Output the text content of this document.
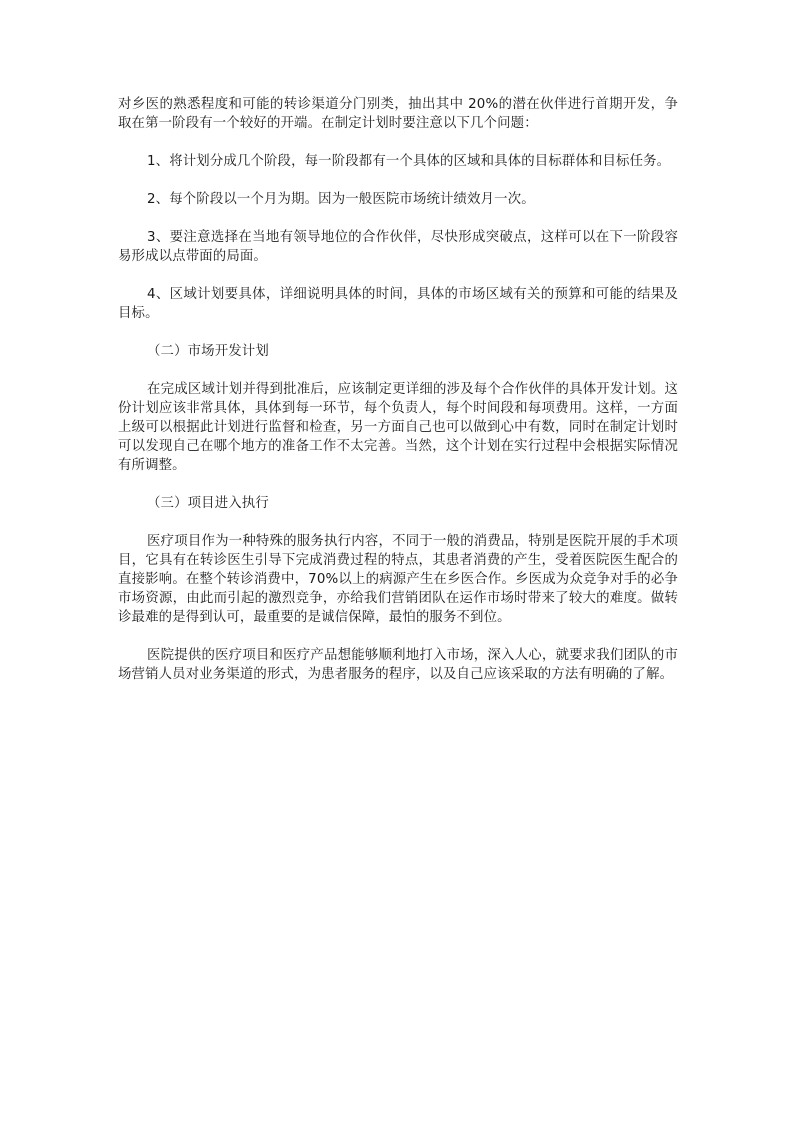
对乡医的熟悉程度和可能的转诊渠道分门别类，抽出其中 20%的潜在伙伴进行首期开发，争取在第一阶段有一个较好的开端。在制定计划时要注意以下几个问题：

1、将计划分成几个阶段，每一阶段都有一个具体的区域和具体的目标群体和目标任务。

2、每个阶段以一个月为期。因为一般医院市场统计绩效月一次。

3、要注意选择在当地有领导地位的合作伙伴，尽快形成突破点，这样可以在下一阶段容易形成以点带面的局面。

4、区域计划要具体，详细说明具体的时间，具体的市场区域有关的预算和可能的结果及目标。

（二）市场开发计划

在完成区域计划并得到批准后，应该制定更详细的涉及每个合作伙伴的具体开发计划。这份计划应该非常具体，具体到每一环节，每个负责人，每个时间段和每项费用。这样，一方面上级可以根据此计划进行监督和检查，另一方面自己也可以做到心中有数，同时在制定计划时可以发现自己在哪个地方的准备工作不太完善。当然，这个计划在实行过程中会根据实际情况有所调整。

（三）项目进入执行

医疗项目作为一种特殊的服务执行内容，不同于一般的消费品，特别是医院开展的手术项目，它具有在转诊医生引导下完成消费过程的特点，其患者消费的产生，受着医院医生配合的直接影响。在整个转诊消费中，70%以上的病源产生在乡医合作。乡医成为众竞争对手的必争市场资源，由此而引起的激烈竞争，亦给我们营销团队在运作市场时带来了较大的难度。做转诊最难的是得到认可，最重要的是诚信保障，最怕的服务不到位。

医院提供的医疗项目和医疗产品想能够顺利地打入市场，深入人心，就要求我们团队的市场营销人员对业务渠道的形式，为患者服务的程序，以及自己应该采取的方法有明确的了解。
